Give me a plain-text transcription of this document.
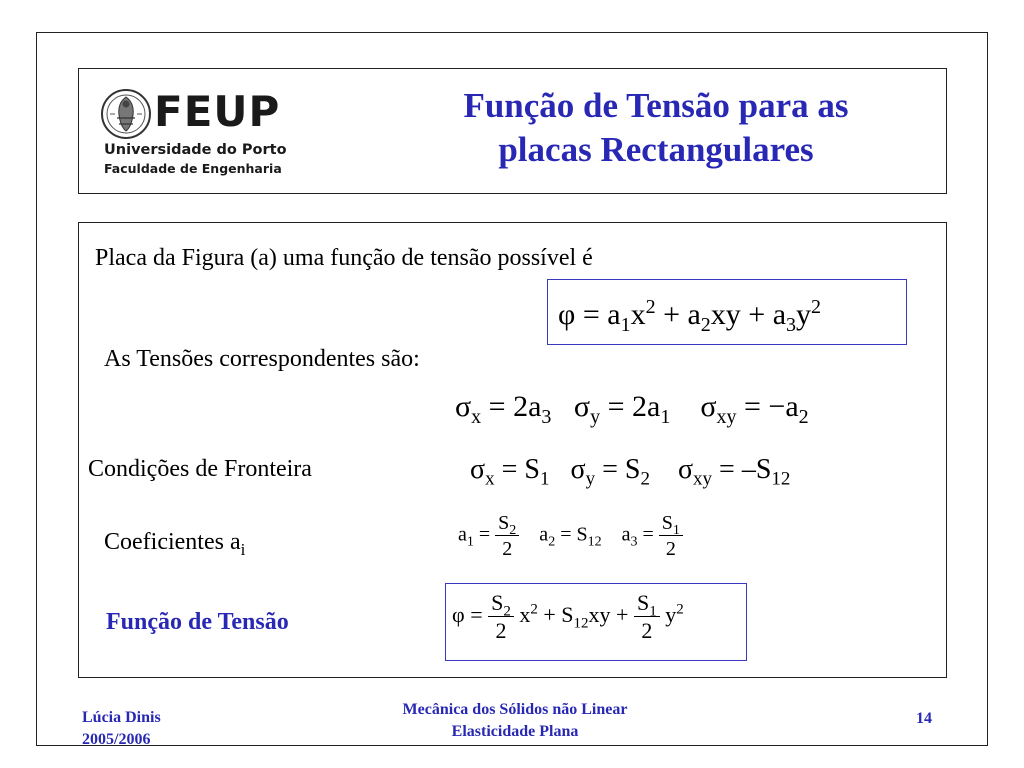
FEUP
Universidade do Porto
Faculdade de Engenharia
Função de Tensão para as
placas Rectangulares
Placa da Figura (a) uma função de tensão possível é
$\varphi = a_1x^2 + a_2xy + a_3y^2$
As Tensões correspondentes são:
$\sigma_x = 2a_3$   $\sigma_y = 2a_1$    $\sigma_{xy} = -a_2$
Condições de Fronteira	$\sigma_x = S_1$   $\sigma_y = S_2$    $\sigma_{xy} = -S_{12}$
Coeficientes $a_i$
$a_1 = \frac{S_2}{2} a_2 = S_{12}$    $a_3 = \frac{S_1}{2}$
Função de Tensão	$\varphi = \frac{S_2}{2} x^2 + S_{12}xy + \frac{S_1}{2} y^2$
Lúcia Dinis
2005/2006
Mecânica dos Sólidos não Linear
Elasticidade Plana
14
